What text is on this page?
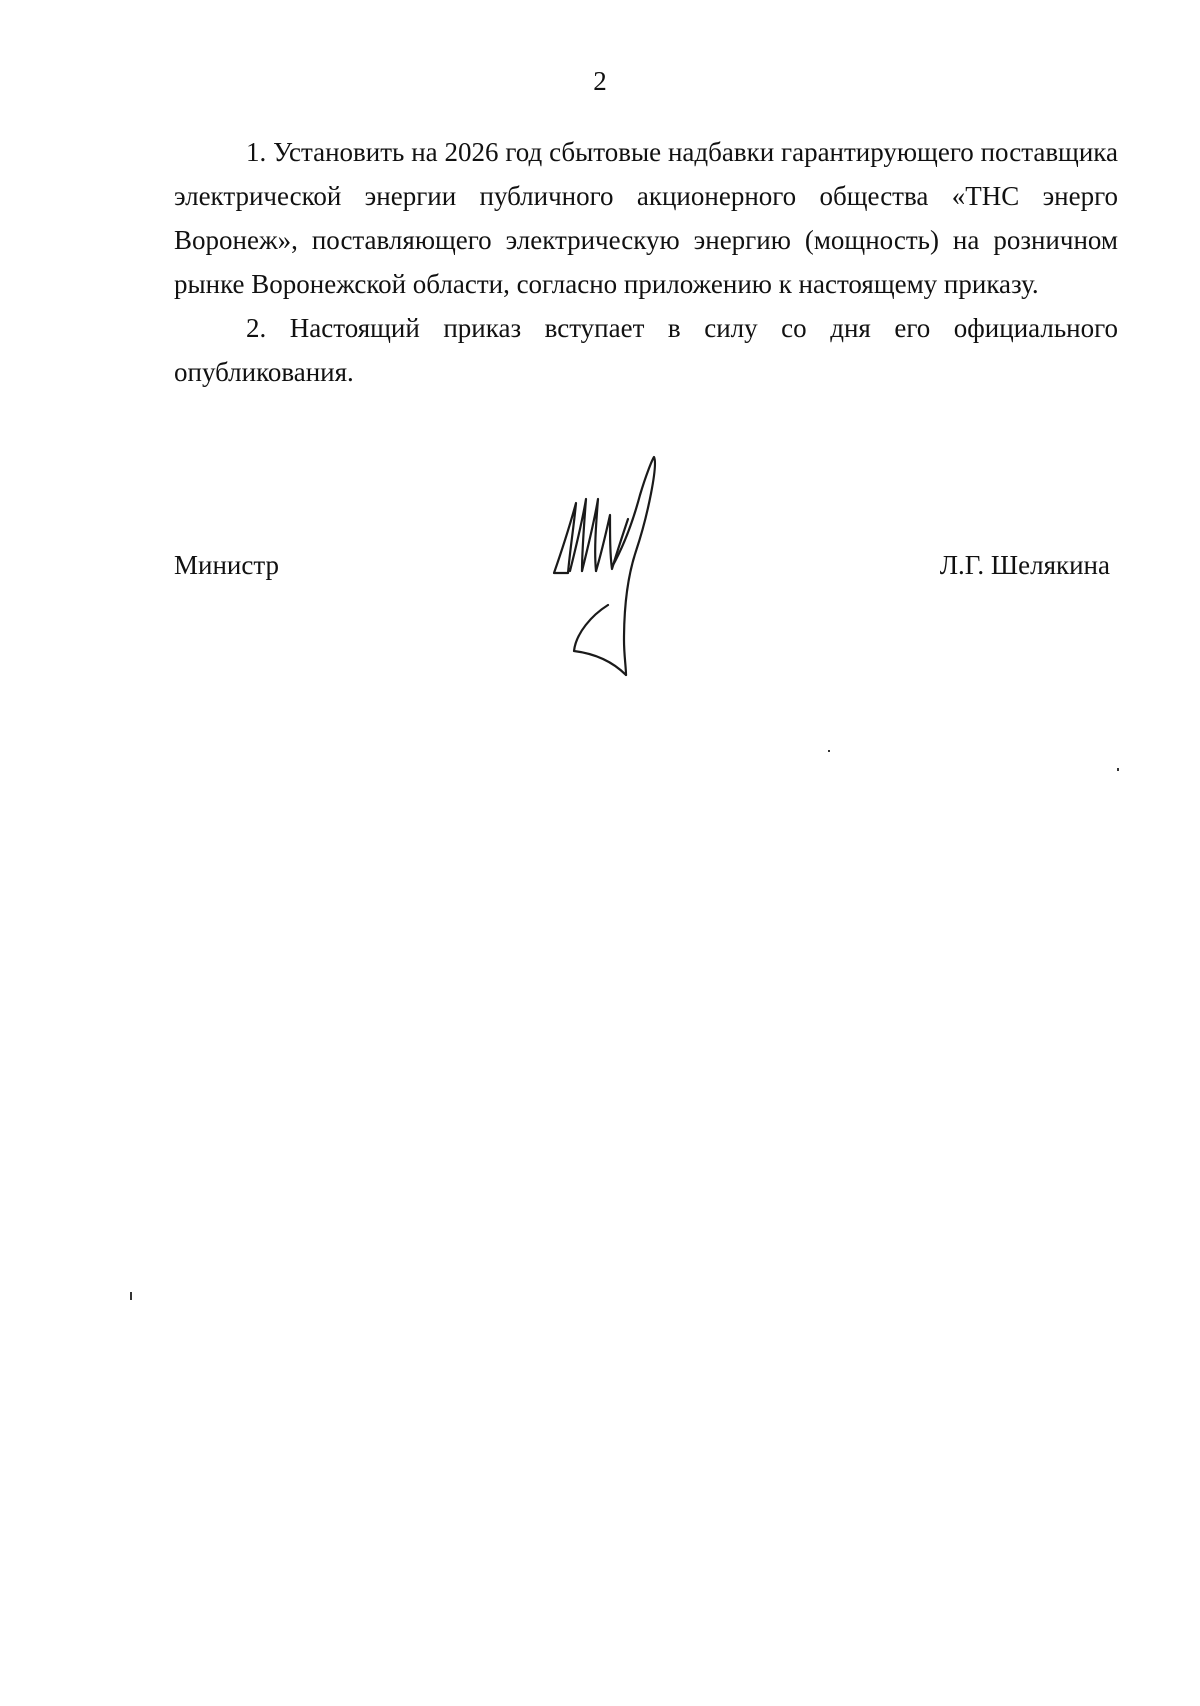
2

1. Установить на 2026 год сбытовые надбавки гарантирующего поставщика электрической энергии публичного акционерного общества «ТНС энерго Воронеж», поставляющего электрическую энергию (мощность) на розничном рынке Воронежской области, согласно приложению к настоящему приказу.

2. Настоящий приказ вступает в силу со дня его официального опубликования.

Министр	Л.Г. Шелякина
